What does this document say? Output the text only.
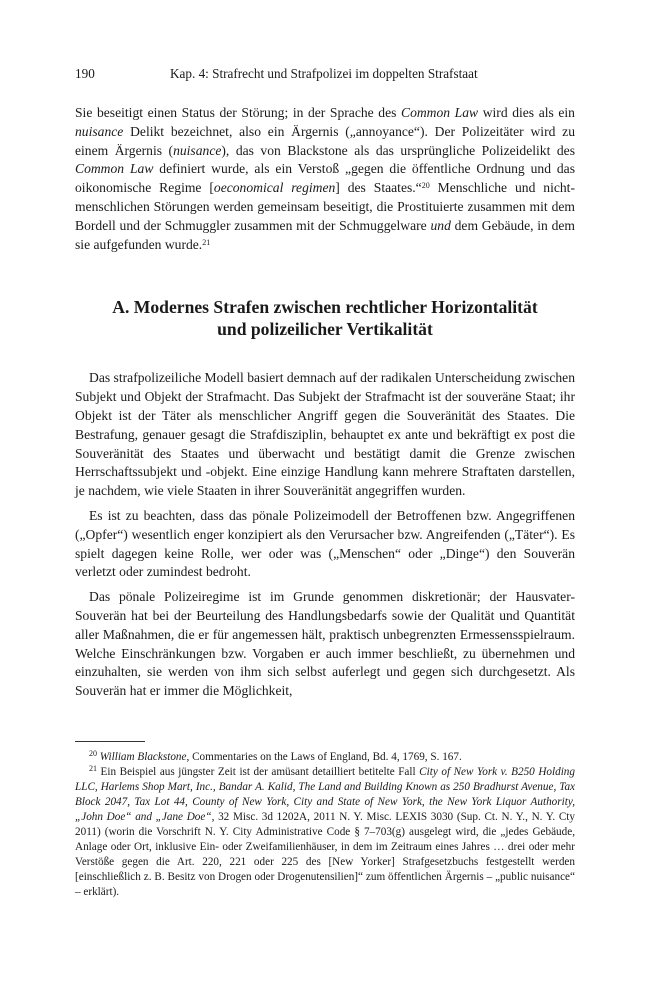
190	Kap. 4: Strafrecht und Strafpolizei im doppelten Strafstaat

Sie beseitigt einen Status der Störung; in der Sprache des Common Law wird dies als ein nuisance Delikt bezeichnet, also ein Ärgernis („annoyance“). Der Polizeitäter wird zu einem Ärgernis (nuisance), das von Blackstone als das ursprüngliche Polizeidelikt des Common Law definiert wurde, als ein Verstoß „gegen die öffentliche Ordnung und das oikonomische Regime [oeconomical regimen] des Staates.“$^{20}$ Menschliche und nicht-menschlichen Störungen werden gemeinsam beseitigt, die Prostituierte zusammen mit dem Bordell und der Schmuggler zusammen mit der Schmuggelware und dem Gebäude, in dem sie aufgefunden wurde.$^{21}$

A. Modernes Strafen zwischen rechtlicher Horizontalität
und polizeilicher Vertikalität

Das strafpolizeiliche Modell basiert demnach auf der radikalen Unterscheidung zwischen Subjekt und Objekt der Strafmacht. Das Subjekt der Strafmacht ist der souveräne Staat; ihr Objekt ist der Täter als menschlicher Angriff gegen die Souveränität des Staates. Die Bestrafung, genauer gesagt die Strafdisziplin, behauptet ex ante und bekräftigt ex post die Souveränität des Staates und überwacht und bestätigt damit die Grenze zwischen Herrschaftssubjekt und -objekt. Eine einzige Handlung kann mehrere Straftaten darstellen, je nachdem, wie viele Staaten in ihrer Souveränität angegriffen wurden.

Es ist zu beachten, dass das pönale Polizeimodell der Betroffenen bzw. Angegriffenen („Opfer“) wesentlich enger konzipiert als den Verursacher bzw. Angreifenden („Täter“). Es spielt dagegen keine Rolle, wer oder was („Menschen“ oder „Dinge“) den Souverän verletzt oder zumindest bedroht.

Das pönale Polizeiregime ist im Grunde genommen diskretionär; der Hausvater-Souverän hat bei der Beurteilung des Handlungsbedarfs sowie der Qualität und Quantität aller Maßnahmen, die er für angemessen hält, praktisch unbegrenzten Ermessensspielraum. Welche Einschränkungen bzw. Vorgaben er auch immer beschließt, zu übernehmen und einzuhalten, sie werden von ihm sich selbst auferlegt und gegen sich durchgesetzt. Als Souverän hat er immer die Möglichkeit,

$^{20}$ William Blackstone, Commentaries on the Laws of England, Bd. 4, 1769, S. 167.

$^{21}$ Ein Beispiel aus jüngster Zeit ist der amüsant detailliert betitelte Fall City of New York v. B250 Holding LLC, Harlems Shop Mart, Inc., Bandar A. Kalid, The Land and Building Known as 250 Bradhurst Avenue, Tax Block 2047, Tax Lot 44, County of New York, City and State of New York, the New York Liquor Authority, „John Doe“ and „Jane Doe“, 32 Misc. 3d 1202A, 2011 N. Y. Misc. LEXIS 3030 (Sup. Ct. N. Y., N. Y. Cty 2011) (worin die Vorschrift N. Y. City Administrative Code § 7–703(g) ausgelegt wird, die „jedes Gebäude, Anlage oder Ort, inklusive Ein- oder Zweifamilienhäuser, in dem im Zeitraum eines Jahres … drei oder mehr Verstöße gegen die Art. 220, 221 oder 225 des [New Yorker] Strafgesetzbuchs festgestellt werden [einschließlich z. B. Besitz von Drogen oder Drogenutensilien]“ zum öffentlichen Ärgernis – „public nuisance“ – erklärt).
